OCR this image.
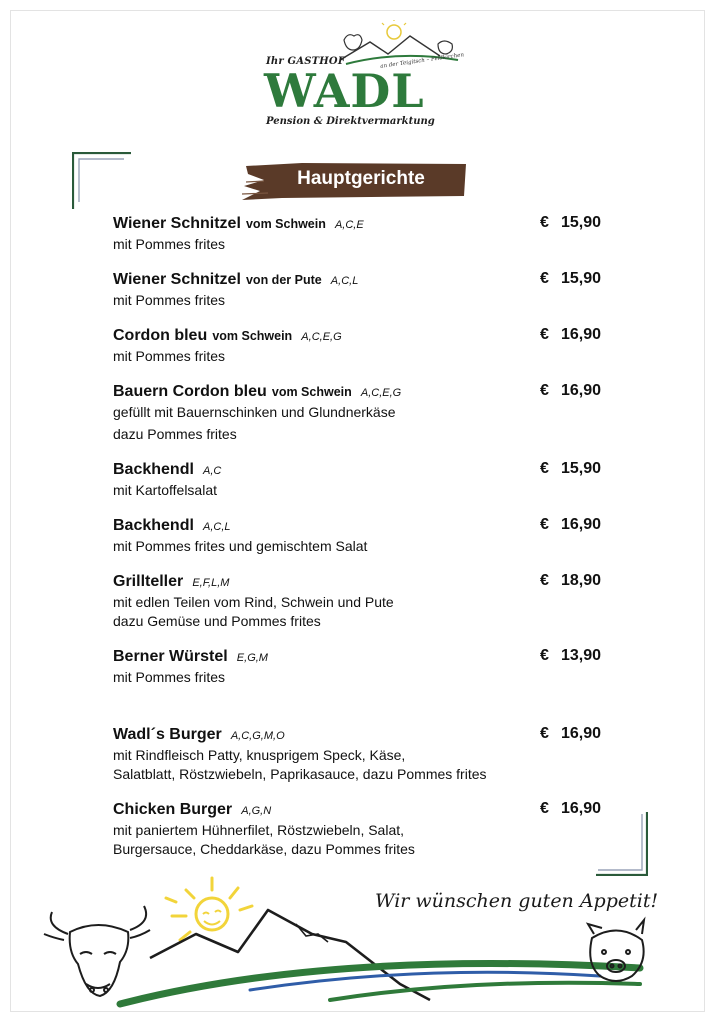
Ihr GASTHOF
WADL
Pension & Direktvermarktung
an der Teigitsch – Feldkirchen
Hauptgerichte
Wiener Schnitzel vom Schwein A,C,E	€ 15,90
mit Pommes frites
Wiener Schnitzel von der Pute A,C,L	€ 15,90
mit Pommes frites
Cordon bleu vom Schwein A,C,E,G	€ 16,90
mit Pommes frites
Bauern Cordon bleu vom Schwein A,C,E,G	€ 16,90
gefüllt mit Bauernschinken und Glundnerkäse
dazu Pommes frites
Backhendl A,C	€ 15,90
mit Kartoffelsalat
Backhendl A,C,L	€ 16,90
mit Pommes frites und gemischtem Salat
Grillteller E,F,L,M	€ 18,90
mit edlen Teilen vom Rind, Schwein und Pute
dazu Gemüse und Pommes frites
Berner Würstel E,G,M	€ 13,90
mit Pommes frites
Wadl´s Burger A,C,G,M,O	€ 16,90
mit Rindfleisch Patty, knusprigem Speck, Käse,
Salatblatt, Röstzwiebeln, Paprikasauce, dazu Pommes frites
Chicken Burger A,G,N	€ 16,90
mit paniertem Hühnerfilet, Röstzwiebeln, Salat,
Burgersauce, Cheddarkäse, dazu Pommes frites
Wir wünschen guten Appetit!
